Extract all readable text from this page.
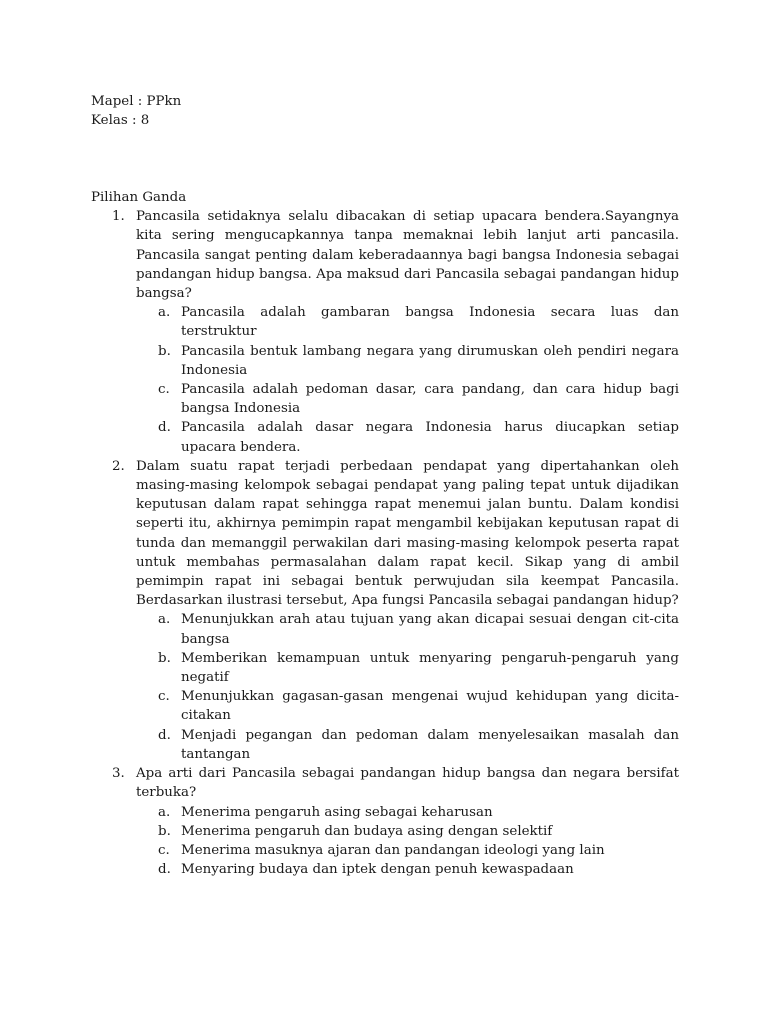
Mapel : PPkn
Kelas : 8
Pilihan Ganda
1. Pancasila setidaknya selalu dibacakan di setiap upacara bendera.Sayangnya kita sering mengucapkannya tanpa memaknai lebih lanjut arti pancasila. Pancasila sangat penting dalam keberadaannya bagi bangsa Indonesia sebagai pandangan hidup bangsa. Apa maksud dari Pancasila sebagai pandangan hidup bangsa?
a. Pancasila adalah gambaran bangsa Indonesia secara luas dan terstruktur
b. Pancasila bentuk lambang negara yang dirumuskan oleh pendiri negara Indonesia
c. Pancasila adalah pedoman dasar, cara pandang, dan cara hidup bagi bangsa Indonesia
d. Pancasila adalah dasar negara Indonesia harus diucapkan setiap upacara bendera.
2. Dalam suatu rapat terjadi perbedaan pendapat yang dipertahankan oleh masing-masing kelompok sebagai pendapat yang paling tepat untuk dijadikan keputusan dalam rapat sehingga rapat menemui jalan buntu. Dalam kondisi seperti itu, akhirnya pemimpin rapat mengambil kebijakan keputusan rapat di tunda dan memanggil perwakilan dari masing-masing kelompok peserta rapat untuk membahas permasalahan dalam rapat kecil. Sikap yang di ambil pemimpin rapat ini sebagai bentuk perwujudan sila keempat Pancasila. Berdasarkan ilustrasi tersebut, Apa fungsi Pancasila sebagai pandangan hidup?
a. Menunjukkan arah atau tujuan yang akan dicapai sesuai dengan cit-cita bangsa
b. Memberikan kemampuan untuk menyaring pengaruh-pengaruh yang negatif
c. Menunjukkan gagasan-gasan mengenai wujud kehidupan yang dicita-citakan
d. Menjadi pegangan dan pedoman dalam menyelesaikan masalah dan tantangan
3. Apa arti dari Pancasila sebagai pandangan hidup bangsa dan negara bersifat terbuka?
a. Menerima pengaruh asing sebagai keharusan
b. Menerima pengaruh dan budaya asing dengan selektif
c. Menerima masuknya ajaran dan pandangan ideologi yang lain
d. Menyaring budaya dan iptek dengan penuh kewaspadaan
